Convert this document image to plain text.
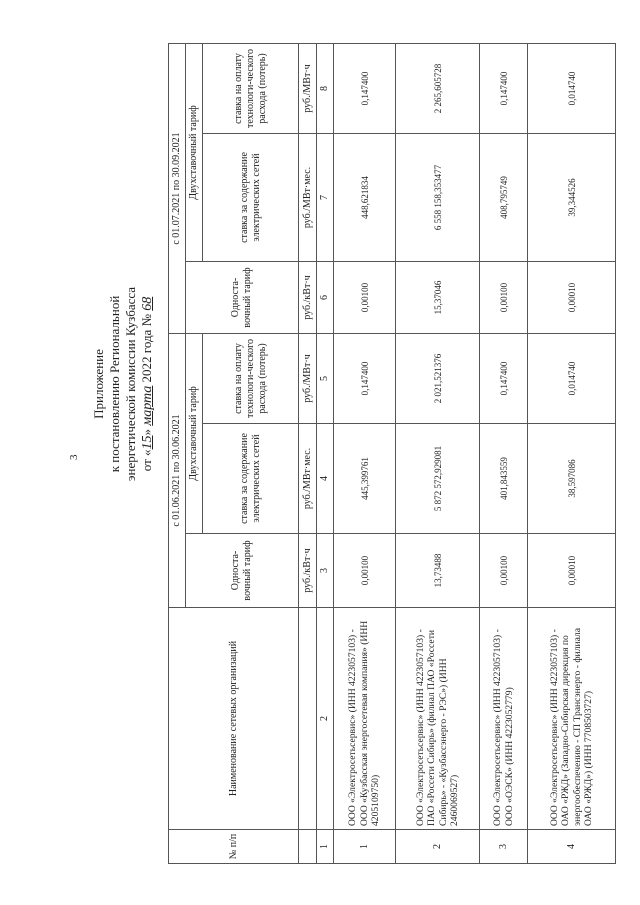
3
Приложение к постановлению Региональной энергетической комиссии Кузбасса от «15» марта 2022 года № 68
№ п/п	Наименование сетевых организаций	с 01.06.2021 по 30.06.2021			с 01.07.2021 по 30.09.2021		
		Односта-вочный тариф	Двухставочный тариф		Односта-вочный тариф	Двухставочный тариф	
			ставка за содержание электрических сетей	ставка на оплату технологи-ческого расхода (потерь)		ставка за содержание электрических сетей	ставка на оплату технологи-ческого расхода (потерь)
		руб./кВт·ч	руб./МВт·мес.	руб./МВт·ч	руб./кВт·ч	руб./МВт·мес.	руб./МВт·ч
1	2	3	4	5	6	7	8
1	ООО «Электросетьсервис» (ИНН 4223057103) - ООО «Кузбасская энергосетевая компания» (ИНН 4205109750)	0,00100	445,399761	0,147400	0,00100	448,621834	0,147400
2	ООО «Электросетьсервис» (ИНН 4223057103) - ПАО «Россети Сибирь» (филиал ПАО «Россети Сибирь» - «Кузбассэнерго - РЭС») (ИНН 2460069527)	13,73488	5 872 572,929081	2 021,521376	15,37046	6 558 158,353477	2 265,605728
3	ООО «Электросетьсервис» (ИНН 4223057103) - ООО «ОЭСК» (ИНН 4223052779)	0,00100	401,843559	0,147400	0,00100	408,795749	0,147400
4	ООО «Электросетьсервис» (ИНН 4223057103) - ОАО «РЖД» (Западно-Сибирская дирекция по энергообеспечению - СП Трансэнерго - филиала ОАО «РЖД») (ИНН 7708503727)	0,00010	38,597086	0,014740	0,00010	39,344526	0,014740
